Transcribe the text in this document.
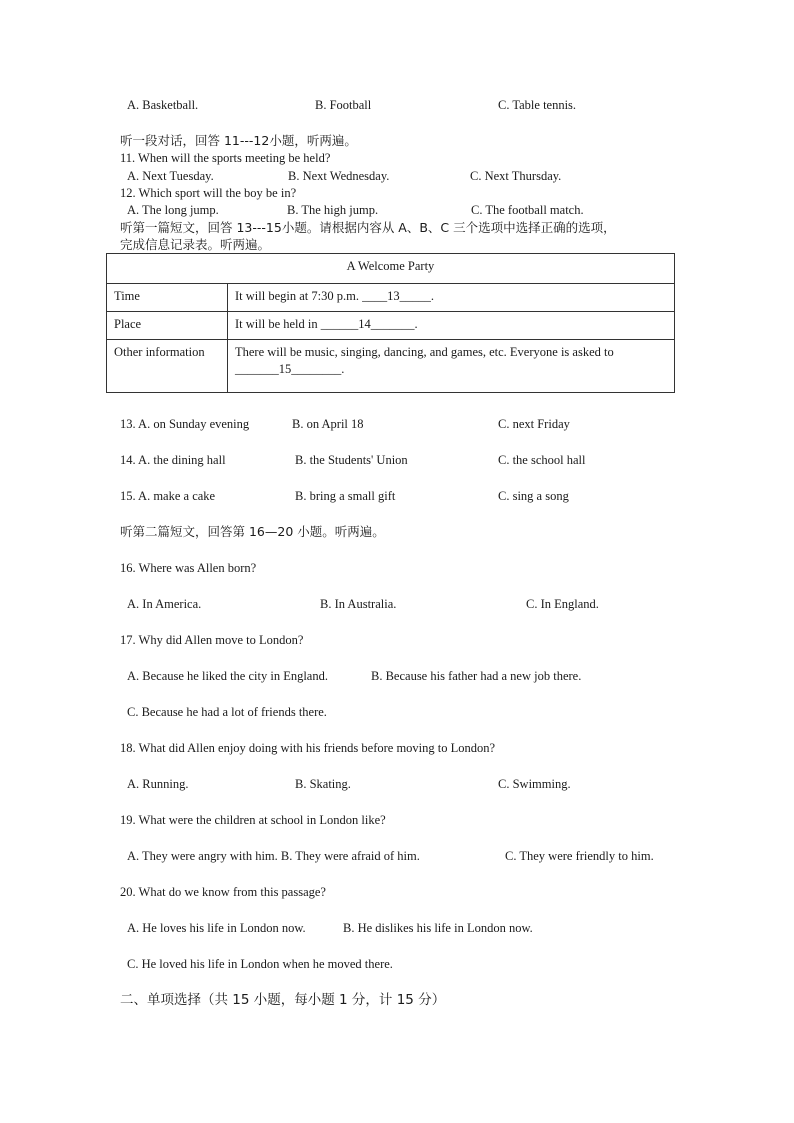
A. Basketball.	B. Football	C. Table tennis.
听一段对话，回答 11---12小题，听两遍。
11. When will the sports meeting be held?
A. Next Tuesday.	B. Next Wednesday.	C. Next Thursday.
12. Which sport will the boy be in?
A. The long jump.	B. The high jump.	C. The football match.
听第一篇短文，回答 13---15小题。请根据内容从 A、B、C 三个选项中选择正确的选项，
完成信息记录表。听两遍。
A Welcome Party	
Time	It will begin at 7:30 p.m. ____13_____.
Place	It will be held in ______14_______.
Other information	There will be music, singing, dancing, and games, etc. Everyone is asked to _______15________.
13. A. on Sunday evening	B. on April 18	C. next Friday
14. A. the dining hall	B. the Students' Union	C. the school hall
15. A. make a cake	B. bring a small gift	C. sing a song
听第二篇短文，回答第 16—20 小题。听两遍。
16. Where was Allen born?
A. In America.	B. In Australia.	C. In England.
17. Why did Allen move to London?
A. Because he liked the city in England.	B. Because his father had a new job there.
C. Because he had a lot of friends there.
18. What did Allen enjoy doing with his friends before moving to London?
A. Running.	B. Skating.	C. Swimming.
19. What were the children at school in London like?
A. They were angry with him. B. They were afraid of him.	C. They were friendly to him.
20. What do we know from this passage?
A. He loves his life in London now.	B. He dislikes his life in London now.
C. He loved his life in London when he moved there.
二、单项选择（共 15 小题，每小题 1 分，计 15 分）
